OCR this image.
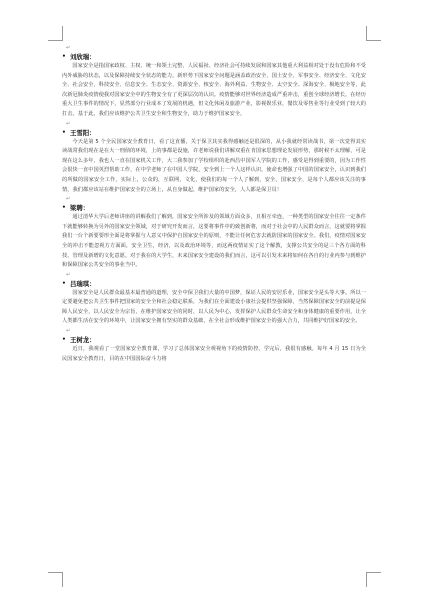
↵
• 刘欣瑞：

国家安全是指国家政权、主权、统一和领土完整、人民福祉、经济社会可持续发展和国家其他重大利益相对处于没有危险和不受内外威胁的状态，以及保障持续安全状态的能力。新形势下国家安全问题是涵盖政治安全、国土安全、军事安全、经济安全、文化安全、社会安全、科技安全、信息安全、生态安全、资源安全、核安全、海外利益、生物安全、太空安全、深海安全、极地安全等，此次新冠肺炎疫情使我对国家安全中的生物安全有了更深层次的认识。疫情能够对世界经济造成严重冲击，重创全球经济增长。在经历重大卫生事件的情况下，显然部分行业成本了发展的机遇，但文化休闲及旅游产业，影视娱乐业，餐饮及零售业等行业受到了较大的打击。基于此，我们应该维护公共卫生安全和生物安全，助力于维护国家安全。

↵
• 王雪阳：

今天是第 5 个全民国家安全教育日，看了这直播，关于保卫其实我得感触还是很深的，从小我就经常读战书，第一次觉得其实读战常我们现在是在大一刑侦的环境，上的事都是设施，许老师说我们讲解双重在肯国家思想理论发展形势，那时候不太理解，可是现在这么多年，我也人一直在国家机关工作，大二我参加了学校组织的赴西昌中国军人学院的工作，感受是得到重要的，因为工作性会很快一直中国英烈帮助工作，在中学老师了在中国人学院，安全到上一个人这样认识，使命也增强了中国的国家安全，认识到我们的所做的国家安全工作，实际上，公众的，互联网，文化，使我们的每一个人了解到，安全，国家安全，是每个人都应该关注的事情，我们都应该站在维护国家安全的立场上，从自身做起，维护国家的安全，人人都是保卫员！

↵
• 梁聘：

通过清华大学后老师讲座的讲解我们了解到，国家安全所涉及的领域方面众多，且相互牵连，一种类型的国家安全往往一定条件下就能够转换为另外的国家安全领域，对于研究开发而言，这要将事件中的致创新将，而对于社会中的人民群众而言，这就要将掌握我们一台个新要要形全面是将掌握与人意义中保护自国家安全的原则，不能让任何危害去就防国家的国家安全。我们，疫情对国家安全的冲击不能忽视方方面面，安全卫生，经济，以及政治环境等，而这两疫情证实了这个解教，支撑公共安全的是三个各方面的科技、管理及新增的文化意愿。对于我在的大学生，未来国家安全建设的我们而言，这可以引发未来将如何在各自的行业内参与到维护和保障国家公共安全的事业当中。

↵
• 吕瑞琪：

国家安全是人民群众最基本最普通的道理，安全中保卫我们大量的中国梦，保证人民的安居乐业，国家安全是头等大事。所以一定要避免把公共卫生事件把国家的安全全和社会稳定联系，为我们在全面建设小康社会提供坚强保障，当然保障国家安全的前提是保障人民安全，以人民安全为宗旨，在维护国家安全的同时，以人民为中心，发挥保护人民群众生命安全和身体健康的重要作用，让全人类都生活在安全的环境中，让国家安全拥有坚实的群众基础，在全社会形成维护国家安全的强大合力，共同维护好国家的安全。

↵
• 王树龙：

近日，我观看了一堂国家安全教育课，学习了总体国家安全观视角下的疫情防控。学完后，我很有感触。每年 4 月 15 日为全民国家安全教育日，目的在中国国际奋斗力将
